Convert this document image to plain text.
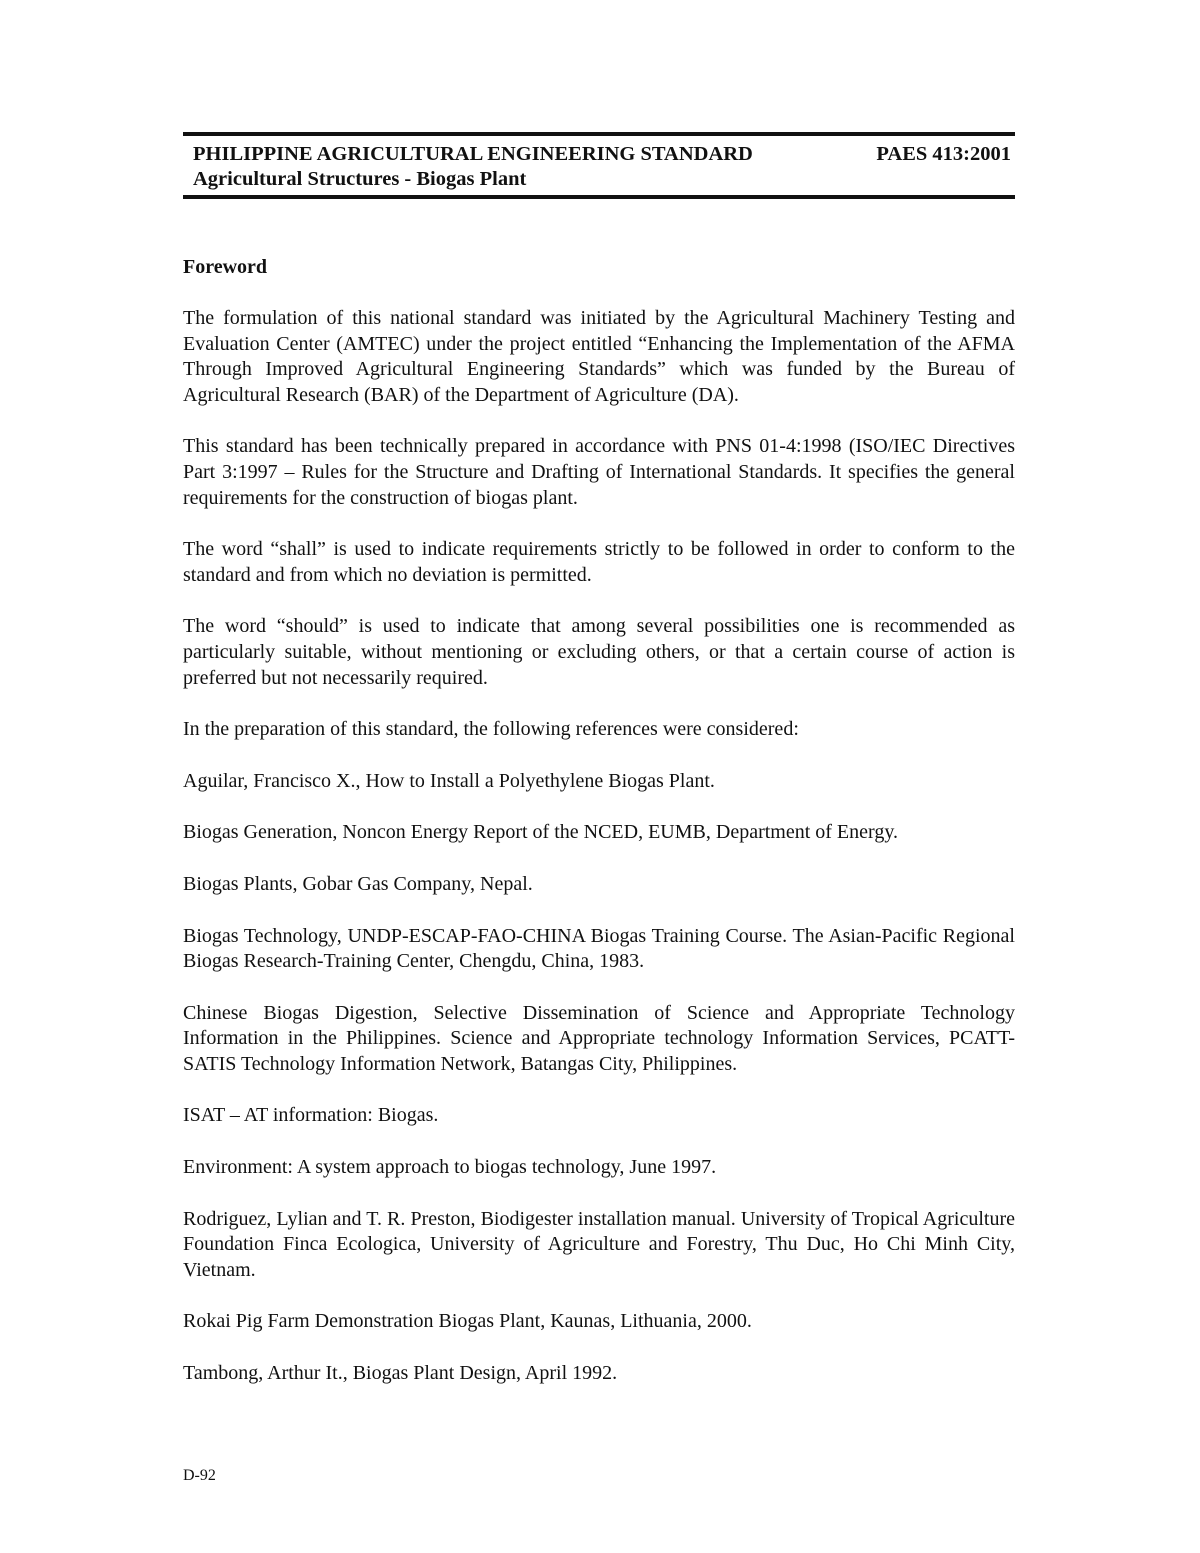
PHILIPPINE AGRICULTURAL ENGINEERING STANDARD	PAES 413:2001
Agricultural Structures - Biogas Plant
Foreword

The formulation of this national standard was initiated by the Agricultural Machinery Testing and Evaluation Center (AMTEC) under the project entitled “Enhancing the Implementation of the AFMA Through Improved Agricultural Engineering Standards” which was funded by the Bureau of Agricultural Research (BAR) of the Department of Agriculture (DA).

This standard has been technically prepared in accordance with PNS 01-4:1998 (ISO/IEC Directives Part 3:1997 – Rules for the Structure and Drafting of International Standards. It specifies the general requirements for the construction of biogas plant.

The word “shall” is used to indicate requirements strictly to be followed in order to conform to the standard and from which no deviation is permitted.

The word “should” is used to indicate that among several possibilities one is recommended as particularly suitable, without mentioning or excluding others, or that a certain course of action is preferred but not necessarily required.

In the preparation of this standard, the following references were considered:

Aguilar, Francisco X., How to Install a Polyethylene Biogas Plant.

Biogas Generation, Noncon Energy Report of the NCED, EUMB, Department of Energy.

Biogas Plants, Gobar Gas Company, Nepal.

Biogas Technology, UNDP-ESCAP-FAO-CHINA Biogas Training Course. The Asian-Pacific Regional Biogas Research-Training Center, Chengdu, China, 1983.

Chinese Biogas Digestion, Selective Dissemination of Science and Appropriate Technology Information in the Philippines. Science and Appropriate technology Information Services, PCATT-SATIS Technology Information Network, Batangas City, Philippines.

ISAT – AT information: Biogas.

Environment: A system approach to biogas technology, June 1997.

Rodriguez, Lylian and T. R. Preston, Biodigester installation manual. University of Tropical Agriculture Foundation Finca Ecologica, University of Agriculture and Forestry, Thu Duc, Ho Chi Minh City, Vietnam.

Rokai Pig Farm Demonstration Biogas Plant, Kaunas, Lithuania, 2000.

Tambong, Arthur It., Biogas Plant Design, April 1992.

D-92
